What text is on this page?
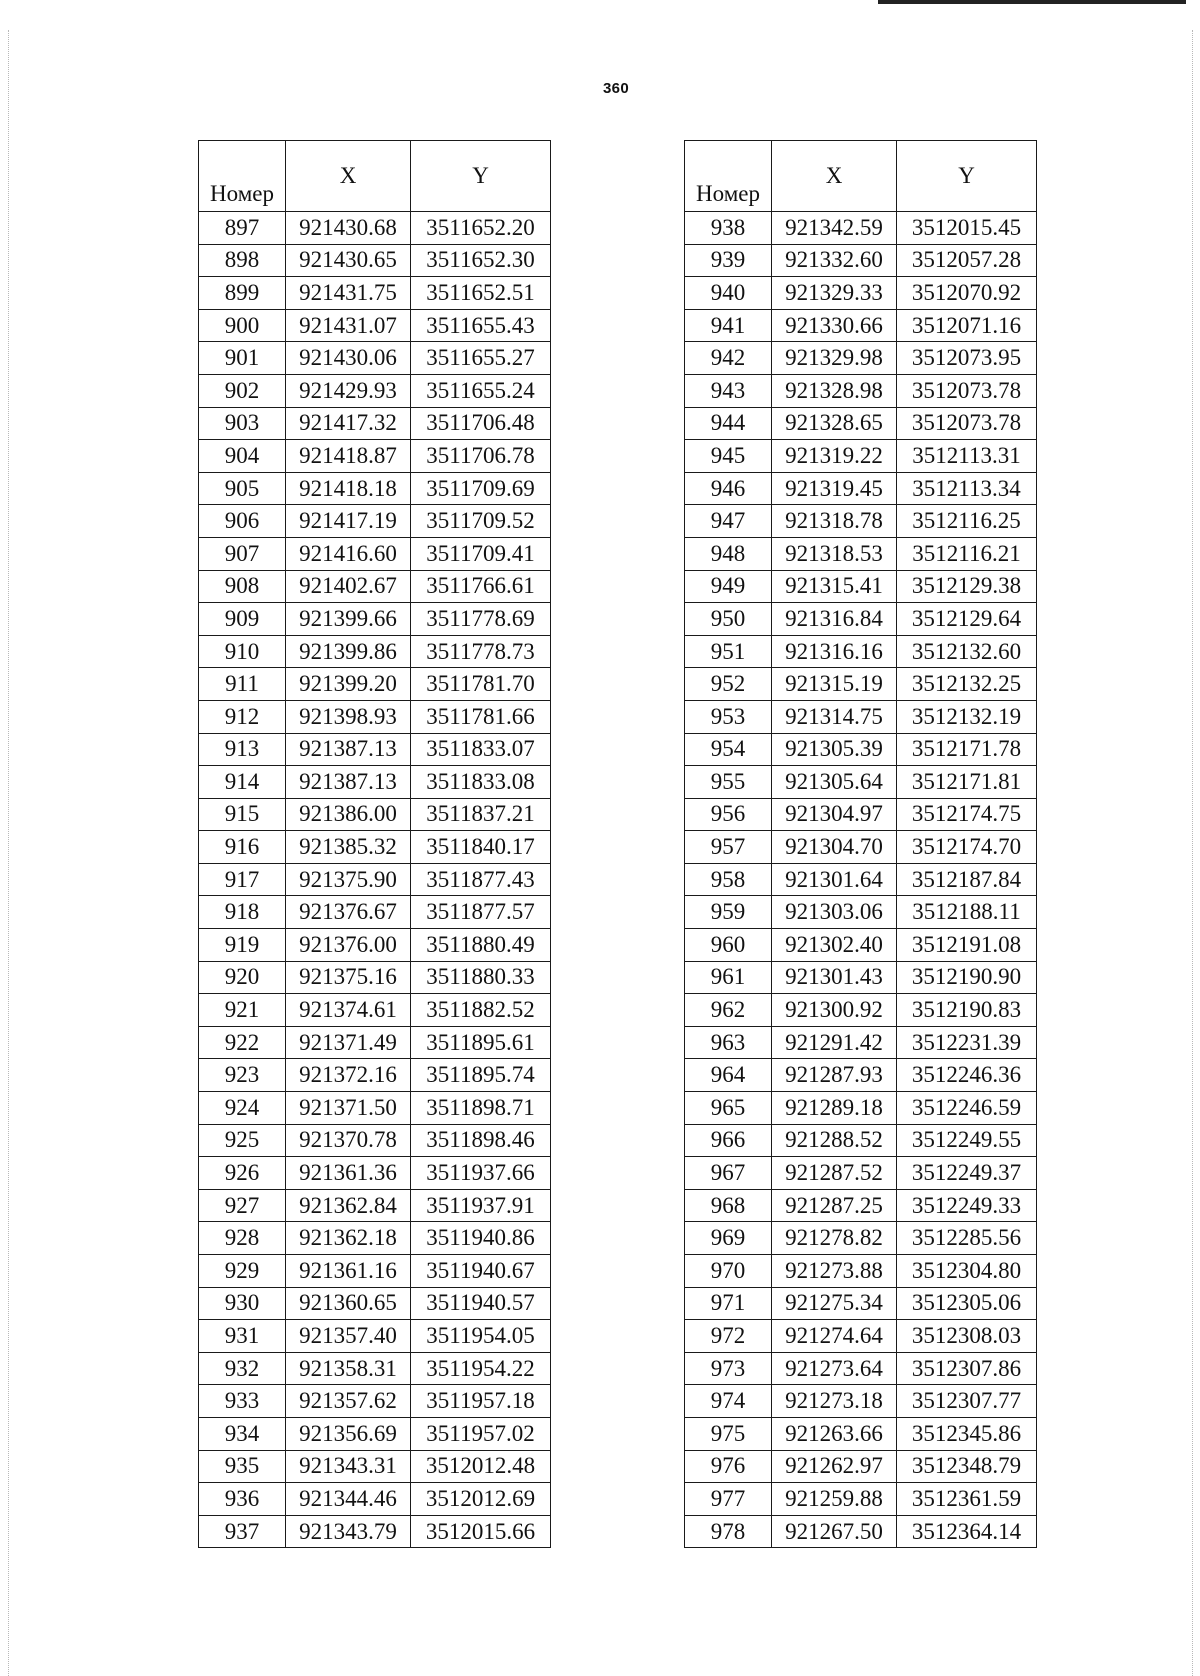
360
Номер	X	Y
897	921430.68	3511652.20
898	921430.65	3511652.30
899	921431.75	3511652.51
900	921431.07	3511655.43
901	921430.06	3511655.27
902	921429.93	3511655.24
903	921417.32	3511706.48
904	921418.87	3511706.78
905	921418.18	3511709.69
906	921417.19	3511709.52
907	921416.60	3511709.41
908	921402.67	3511766.61
909	921399.66	3511778.69
910	921399.86	3511778.73
911	921399.20	3511781.70
912	921398.93	3511781.66
913	921387.13	3511833.07
914	921387.13	3511833.08
915	921386.00	3511837.21
916	921385.32	3511840.17
917	921375.90	3511877.43
918	921376.67	3511877.57
919	921376.00	3511880.49
920	921375.16	3511880.33
921	921374.61	3511882.52
922	921371.49	3511895.61
923	921372.16	3511895.74
924	921371.50	3511898.71
925	921370.78	3511898.46
926	921361.36	3511937.66
927	921362.84	3511937.91
928	921362.18	3511940.86
929	921361.16	3511940.67
930	921360.65	3511940.57
931	921357.40	3511954.05
932	921358.31	3511954.22
933	921357.62	3511957.18
934	921356.69	3511957.02
935	921343.31	3512012.48
936	921344.46	3512012.69
937	921343.79	3512015.66
Номер	X	Y
938	921342.59	3512015.45
939	921332.60	3512057.28
940	921329.33	3512070.92
941	921330.66	3512071.16
942	921329.98	3512073.95
943	921328.98	3512073.78
944	921328.65	3512073.78
945	921319.22	3512113.31
946	921319.45	3512113.34
947	921318.78	3512116.25
948	921318.53	3512116.21
949	921315.41	3512129.38
950	921316.84	3512129.64
951	921316.16	3512132.60
952	921315.19	3512132.25
953	921314.75	3512132.19
954	921305.39	3512171.78
955	921305.64	3512171.81
956	921304.97	3512174.75
957	921304.70	3512174.70
958	921301.64	3512187.84
959	921303.06	3512188.11
960	921302.40	3512191.08
961	921301.43	3512190.90
962	921300.92	3512190.83
963	921291.42	3512231.39
964	921287.93	3512246.36
965	921289.18	3512246.59
966	921288.52	3512249.55
967	921287.52	3512249.37
968	921287.25	3512249.33
969	921278.82	3512285.56
970	921273.88	3512304.80
971	921275.34	3512305.06
972	921274.64	3512308.03
973	921273.64	3512307.86
974	921273.18	3512307.77
975	921263.66	3512345.86
976	921262.97	3512348.79
977	921259.88	3512361.59
978	921267.50	3512364.14
